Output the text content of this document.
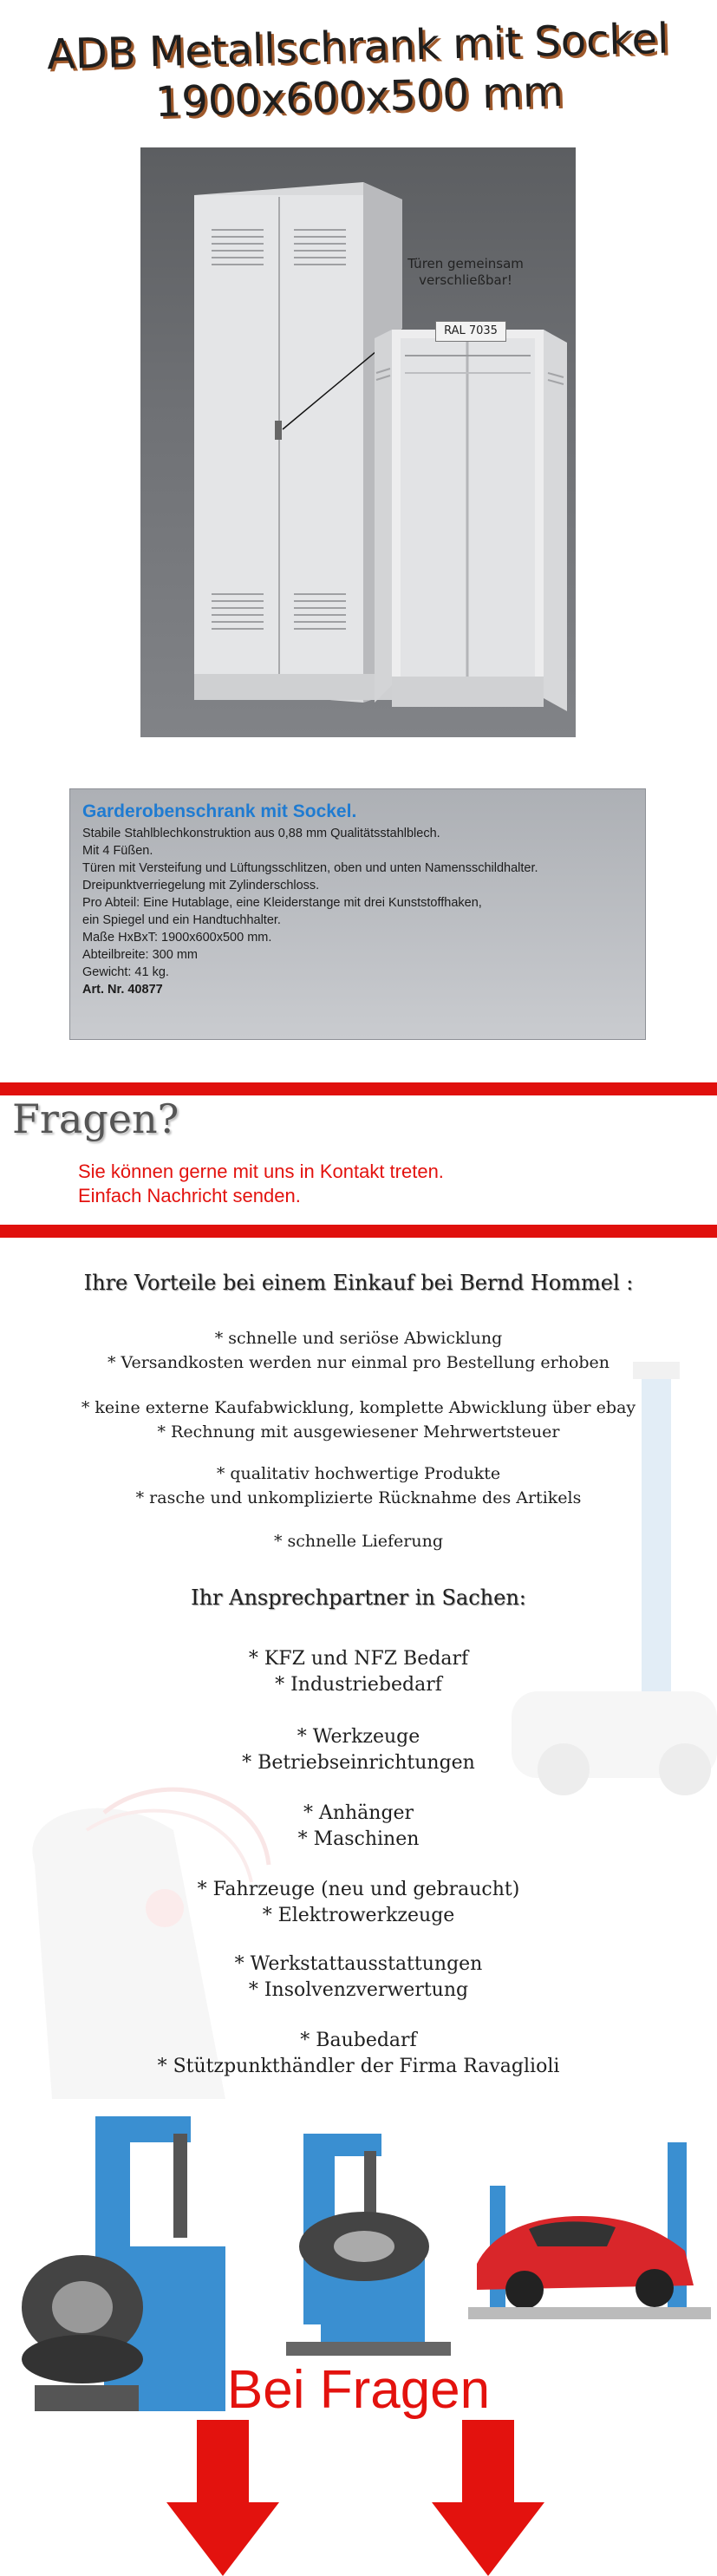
ADB Metallschrank mit Sockel
1900x600x500 mm
Türen gemeinsam verschließbar!
RAL 7035
Garderobenschrank mit Sockel.
Stabile Stahlblechkonstruktion aus 0,88 mm Qualitätsstahlblech.
Mit 4 Füßen.
Türen mit Versteifung und Lüftungsschlitzen, oben und unten Namensschildhalter.
Dreipunktverriegelung mit Zylinderschloss.
Pro Abteil: Eine Hutablage, eine Kleiderstange mit drei Kunststoffhaken,
ein Spiegel und ein Handtuchhalter.
Maße HxBxT: 1900x600x500 mm.
Abteilbreite: 300 mm
Gewicht: 41 kg.
Art. Nr. 40877
Fragen?
Sie können gerne mit uns in Kontakt treten.
Einfach Nachricht senden.
Ihre Vorteile bei einem Einkauf bei Bernd Hommel :
* schnelle und seriöse Abwicklung
* Versandkosten werden nur einmal pro Bestellung erhoben
* keine externe Kaufabwicklung, komplette Abwicklung über ebay
* Rechnung mit ausgewiesener Mehrwertsteuer
* qualitativ hochwertige Produkte
* rasche und unkomplizierte Rücknahme des Artikels
* schnelle Lieferung
Ihr Ansprechpartner in Sachen:
* KFZ und NFZ Bedarf
* Industriebedarf
* Werkzeuge
* Betriebseinrichtungen
* Anhänger
* Maschinen
* Fahrzeuge (neu und gebraucht)
* Elektrowerkzeuge
* Werkstattausstattungen
* Insolvenzverwertung
* Baubedarf
* Stützpunkthändler der Firma Ravaglioli
Bei Fragen
